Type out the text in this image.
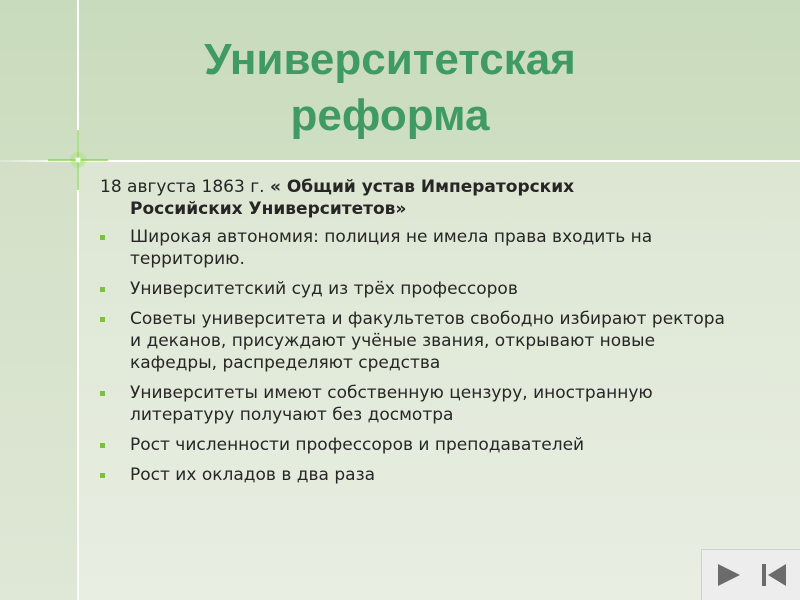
Университетская реформа

18 августа 1863 г. « Общий устав Императорских
Российских Университетов»

Широкая автономия: полиция не имела права входить на территорию.
Университетский суд из трёх профессоров
Советы университета и факультетов свободно избирают ректора и деканов, присуждают учёные звания, открывают новые кафедры, распределяют средства
Университеты имеют собственную цензуру, иностранную литературу получают без досмотра
Рост численности профессоров и преподавателей
Рост их окладов в два раза
